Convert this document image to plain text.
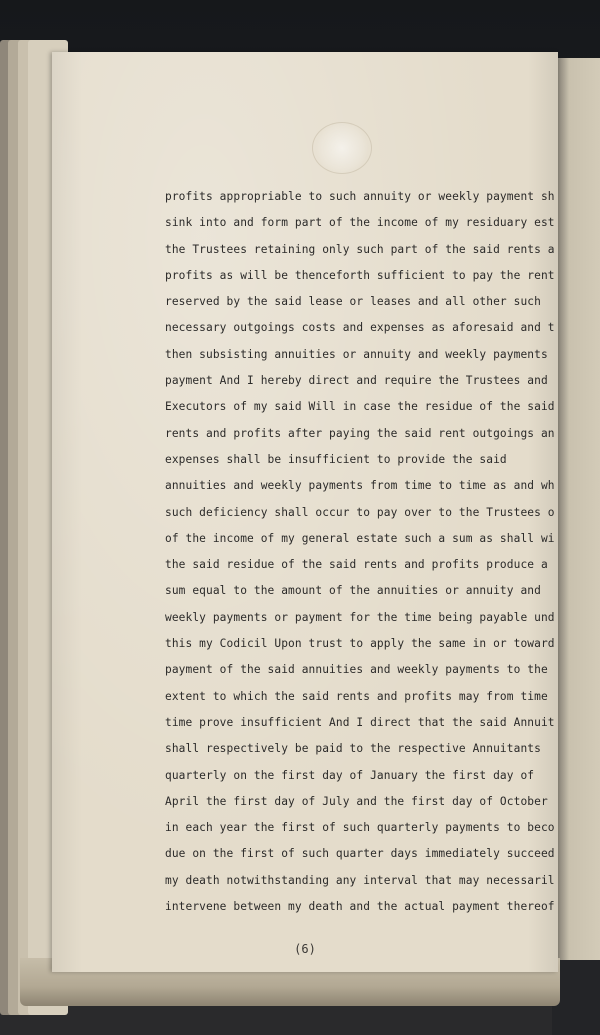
profits appropriable to such annuity or weekly payment sh
sink into and form part of the income of my residuary est
the Trustees retaining only such part of the said rents a
profits as will be thenceforth sufficient to pay the rent
reserved by the said lease or leases and all other such
necessary outgoings costs and expenses as aforesaid and t
then subsisting annuities or annuity and weekly payments
payment And I hereby direct and require the Trustees and
Executors of my said Will in case the residue of the said
rents and profits after paying the said rent outgoings an
expenses shall be insufficient to provide the said
annuities and weekly payments from time to time as and wh
such deficiency shall occur to pay over to the Trustees o
of the income of my general estate such a sum as shall wi
the said residue of the said rents and profits produce a
sum equal to the amount of the annuities or annuity and
weekly payments or payment for the time being payable und
this my Codicil Upon trust to apply the same in or toward
payment of the said annuities and weekly payments to the
extent to which the said rents and profits may from time
time prove insufficient And I direct that the said Annuit
shall respectively be paid to the respective Annuitants
quarterly on the first day of January the first day of
April the first day of July and the first day of October
in each year the first of such quarterly payments to beco
due on the first of such quarter days immediately succeed
my death notwithstanding any interval that may necessaril
intervene between my death and the actual payment thereof
(6)
